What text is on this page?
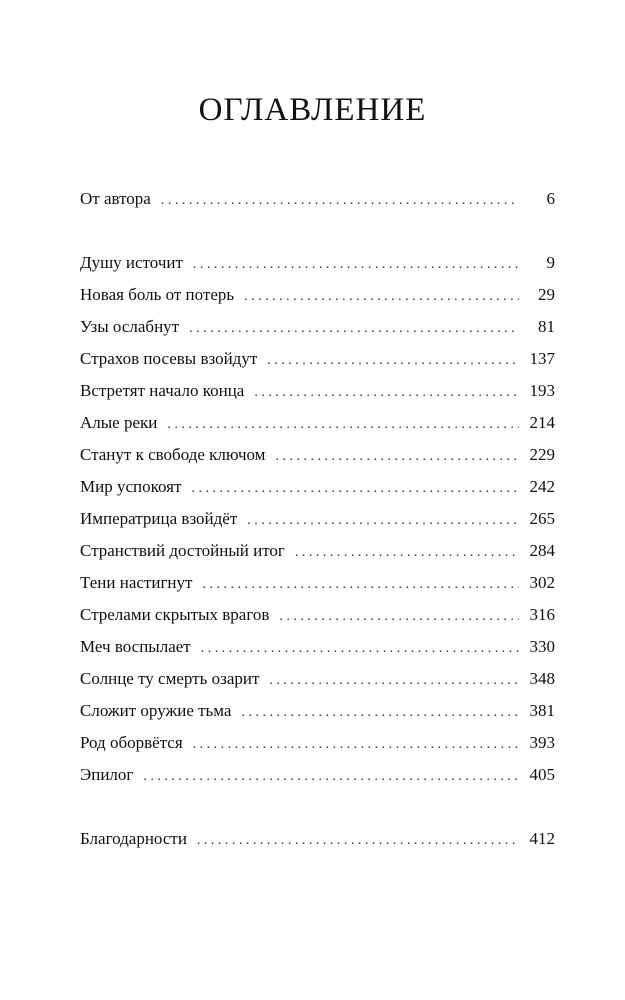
ОГЛАВЛЕНИЕ
От автора . . .	6
Душу источит . . .	9
Новая боль от потерь . . .	29
Узы ослабнут . . .	81
Страхов посевы взойдут . . .	137
Встретят начало конца . . .	193
Алые реки . . .	214
Станут к свободе ключом . . .	229
Мир успокоят . . .	242
Императрица взойдёт . . .	265
Странствий достойный итог . . .	284
Тени настигнут . . .	302
Стрелами скрытых врагов . . .	316
Меч воспылает . . .	330
Солнце ту смерть озарит . . .	348
Сложит оружие тьма . . .	381
Род оборвётся . . .	393
Эпилог . . .	405
Благодарности . . .	412
